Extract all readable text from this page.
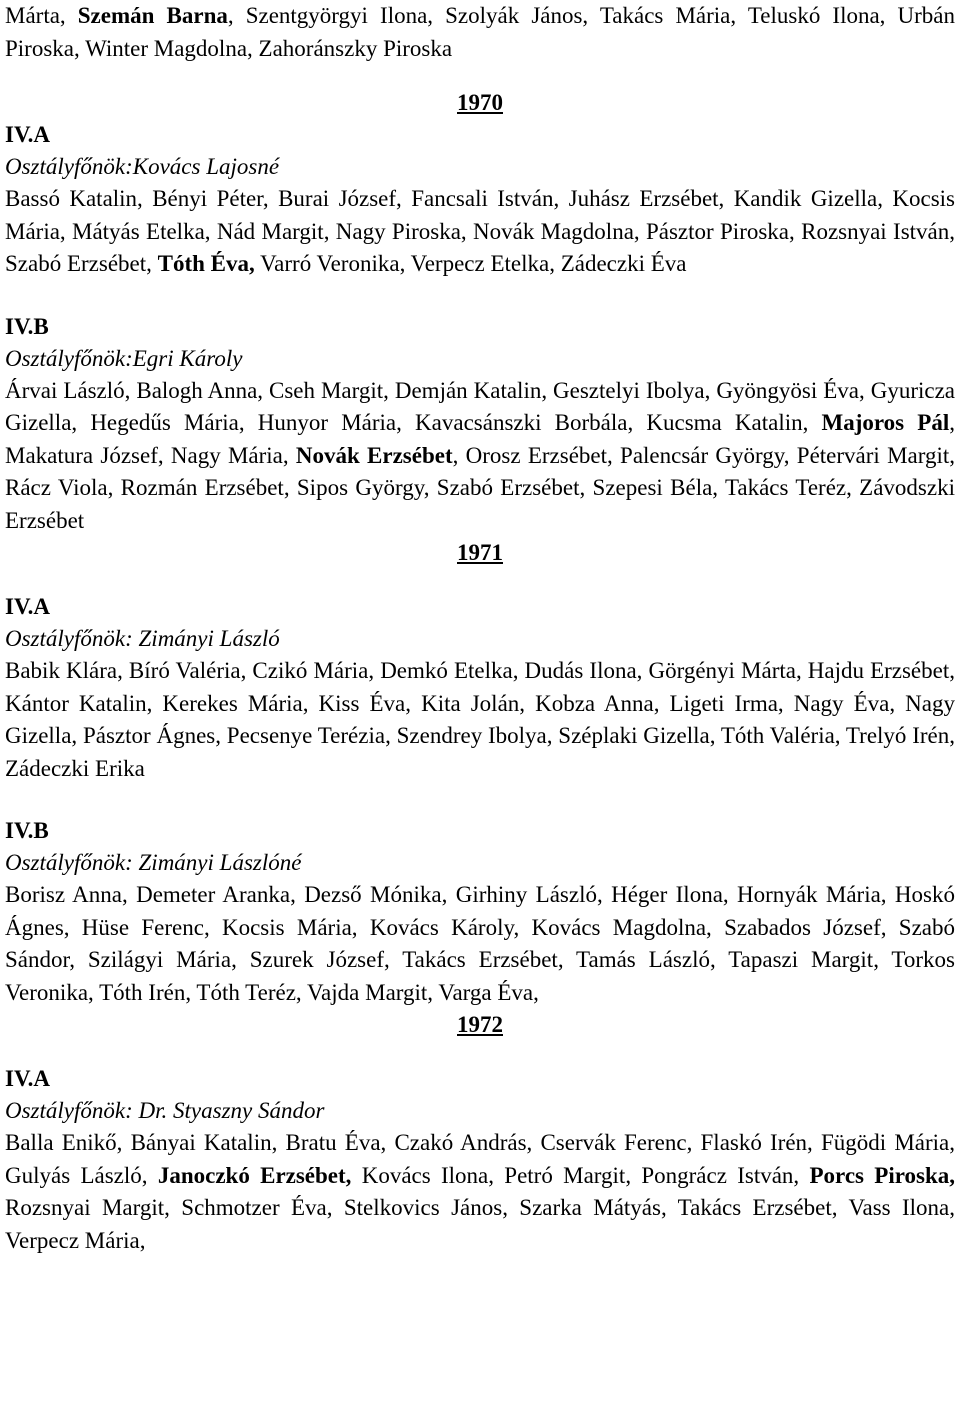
Márta, Szemán Barna, Szentgyörgyi Ilona, Szolyák János, Takács Mária, Teluskó Ilona, Urbán Piroska, Winter Magdolna, Zahoránszky Piroska

1970

IV.A

Osztályfőnök:Kovács Lajosné

Bassó Katalin, Bényi Péter, Burai József, Fancsali István, Juhász Erzsébet, Kandik Gizella, Kocsis Mária, Mátyás Etelka, Nád Margit, Nagy Piroska, Novák Magdolna, Pásztor Piroska, Rozsnyai István, Szabó Erzsébet, Tóth Éva, Varró Veronika, Verpecz Etelka, Zádeczki Éva

IV.B

Osztályfőnök:Egri Károly

Árvai László, Balogh Anna, Cseh Margit, Demján Katalin, Gesztelyi Ibolya, Gyöngyösi Éva, Gyuricza Gizella, Hegedűs Mária, Hunyor Mária, Kavacsánszki Borbála, Kucsma Katalin, Majoros Pál, Makatura József, Nagy Mária, Novák Erzsébet, Orosz Erzsébet, Palencsár György, Pétervári Margit, Rácz Viola, Rozmán Erzsébet, Sipos György, Szabó Erzsébet, Szepesi Béla, Takács Teréz, Závodszki Erzsébet

1971

IV.A

Osztályfőnök: Zimányi László

Babik Klára, Bíró Valéria, Czikó Mária, Demkó Etelka, Dudás Ilona, Görgényi Márta, Hajdu Erzsébet, Kántor Katalin, Kerekes Mária, Kiss Éva, Kita Jolán, Kobza Anna, Ligeti Irma, Nagy Éva, Nagy Gizella, Pásztor Ágnes, Pecsenye Terézia, Szendrey Ibolya, Széplaki Gizella, Tóth Valéria, Trelyó Irén, Zádeczki Erika

IV.B

Osztályfőnök: Zimányi Lászlóné

Borisz Anna, Demeter Aranka, Dezső Mónika, Girhiny László, Héger Ilona, Hornyák Mária, Hoskó Ágnes, Hüse Ferenc, Kocsis Mária, Kovács Károly, Kovács Magdolna, Szabados József, Szabó Sándor, Szilágyi Mária, Szurek József, Takács Erzsébet, Tamás László, Tapaszi Margit, Torkos Veronika, Tóth Irén, Tóth Teréz, Vajda Margit, Varga Éva,

1972

IV.A

Osztályfőnök: Dr. Styaszny Sándor

Balla Enikő, Bányai Katalin, Bratu Éva, Czakó András, Cservák Ferenc, Flaskó Irén, Fügödi Mária, Gulyás László, Janoczkó Erzsébet, Kovács Ilona, Petró Margit, Pongrácz István, Porcs Piroska, Rozsnyai Margit, Schmotzer Éva, Stelkovics János, Szarka Mátyás, Takács Erzsébet, Vass Ilona, Verpecz Mária,
